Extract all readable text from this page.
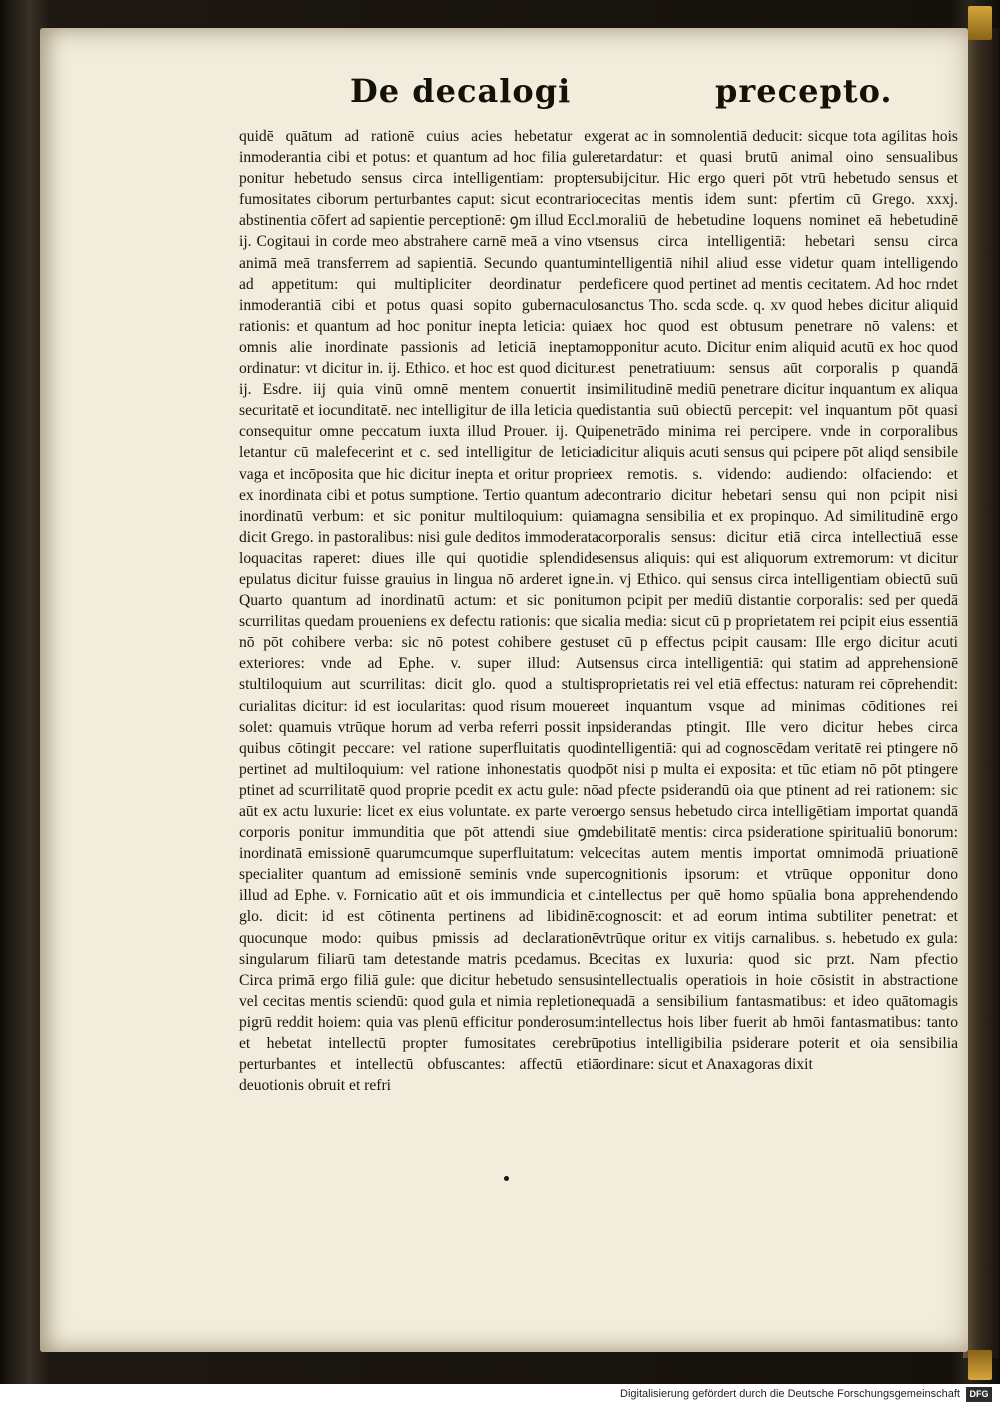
De decalogi	precepto.

quidē quātum ad rationē cuius acies hebetatur ex inmoderantia cibi et potus: et quantum ad hoc filia gule ponitur hebetudo sensus circa intelligentiam: propter fumositates ciborum perturbantes caput: sicut econtrario abstinentia cōfert ad sapientie perceptionē: ꝯm illud Eccl. ij. Cogitaui in corde meo abstrahere carnē meā a vino vt animā meā transferrem ad sapientiā. Secundo quantum ad appetitum: qui multipliciter deordinatur per inmoderantiā cibi et potus quasi sopito gubernaculo rationis: et quantum ad hoc ponitur inepta leticia: quia omnis alie inordinate passionis ad leticiā ineptam ordinatur: vt dicitur in. ij. Ethico. et hoc est quod dicitur. ij. Esdre. iij quia vinū omnē mentem conuertit in securitatē et iocunditatē. nec intelligitur de illa leticia que consequitur omne peccatum iuxta illud Prouer. ij. Qui letantur cū malefecerint et c. sed intelligitur de leticia vaga et incōposita que hic dicitur inepta et oritur proprie ex inordinata cibi et potus sumptione. Tertio quantum ad inordinatū verbum: et sic ponitur multiloquium: quia dicit Grego. in pastoralibus: nisi gule deditos immoderata loquacitas raperet: diues ille qui quotidie splendide epulatus dicitur fuisse grauius in lingua nō arderet igne. Quarto quantum ad inordinatū actum: et sic ponitur scurrilitas quedam proueniens ex defectu rationis: que sic nō pōt cohibere verba: sic nō potest cohibere gestus exteriores: vnde ad Ephe. v. super illud: Aut stultiloquium aut scurrilitas: dicit glo. quod a stultis curialitas dicitur: id est iocularitas: quod risum mouere solet: quamuis vtrūque horum ad verba referri possit in quibus cōtingit peccare: vel ratione superfluitatis quod pertinet ad multiloquium: vel ratione inhonestatis quod ptinet ad scurrilitatē quod proprie pcedit ex actu gule: nō aūt ex actu luxurie: licet ex eius voluntate. ex parte vero corporis ponitur immunditia que pōt attendi siue ꝯm inordinatā emissionē quarumcumque superfluitatum: vel specialiter quantum ad emissionē seminis vnde super illud ad Ephe. v. Fornicatio aūt et ois immundicia et c. glo. dicit: id est cōtinenta pertinens ad libidinē: quocunque modo: quibus pmissis ad declarationē singularum filiarū tam detestande matris pcedamus. B Circa primā ergo filiā gule: que dicitur hebetudo sensus vel cecitas mentis sciendū: quod gula et nimia repletione pigrū reddit hoiem: quia vas plenū efficitur ponderosum: et hebetat intellectū propter fumositates cerebrū perturbantes et intellectū obfuscantes: affectū etiā deuotionis obruit et refri

gerat ac in somnolentiā deducit: sicque tota agilitas hois retardatur: et quasi brutū animal oino sensualibus subijcitur. Hic ergo queri pōt vtrū hebetudo sensus et cecitas mentis idem sunt: pfertim cū Grego. xxxj. moraliū de hebetudine loquens nominet eā hebetudinē sensus circa intelligentiā: hebetari sensu circa intelligentiā nihil aliud esse videtur quam intelligendo deficere quod pertinet ad mentis cecitatem. Ad hoc rndet sanctus Tho. scda scde. q. xv quod hebes dicitur aliquid ex hoc quod est obtusum penetrare nō valens: et opponitur acuto. Dicitur enim aliquid acutū ex hoc quod est penetratiuum: sensus aūt corporalis p quandā similitudinē mediū penetrare dicitur inquantum ex aliqua distantia suū obiectū percepit: vel inquantum pōt quasi penetrādo minima rei percipere. vnde in corporalibus dicitur aliquis acuti sensus qui pcipere pōt aliqd sensibile ex remotis. s. videndo: audiendo: olfaciendo: et econtrario dicitur hebetari sensu qui non pcipit nisi magna sensibilia et ex propinquo. Ad similitudinē ergo corporalis sensus: dicitur etiā circa intellectiuā esse sensus aliquis: qui est aliquorum extremorum: vt dicitur in. vj Ethico. qui sensus circa intelligentiam obiectū suū non pcipit per mediū distantie corporalis: sed per quedā alia media: sicut cū p proprietatem rei pcipit eius essentiā et cū p effectus pcipit causam: Ille ergo dicitur acuti sensus circa intelligentiā: qui statim ad apprehensionē proprietatis rei vel etiā effectus: naturam rei cōprehendit: et inquantum vsque ad minimas cōditiones rei psiderandas ptingit. Ille vero dicitur hebes circa intelligentiā: qui ad cognoscēdam veritatē rei ptingere nō pōt nisi p multa ei exposita: et tūc etiam nō pōt ptingere ad pfecte psiderandū oia que ptinent ad rei rationem: sic ergo sensus hebetudo circa intelligētiam importat quandā debilitatē mentis: circa psideratione spiritualiū bonorum: cecitas autem mentis importat omnimodā priuationē cognitionis ipsorum: et vtrūque opponitur dono intellectus per quē homo spūalia bona apprehendendo cognoscit: et ad eorum intima subtiliter penetrat: et vtrūque oritur ex vitijs carnalibus. s. hebetudo ex gula: cecitas ex luxuria: quod sic przt. Nam pfectio intellectualis operatiois in hoie cōsistit in abstractione quadā a sensibilium fantasmatibus: et ideo quātomagis intellectus hois liber fuerit ab hmōi fantasmatibus: tanto potius intelligibilia psiderare poterit et oia sensibilia ordinare: sicut et Anaxagoras dixit

Digitalisierung gefördert durch die Deutsche Forschungsgemeinschaft	DFG
